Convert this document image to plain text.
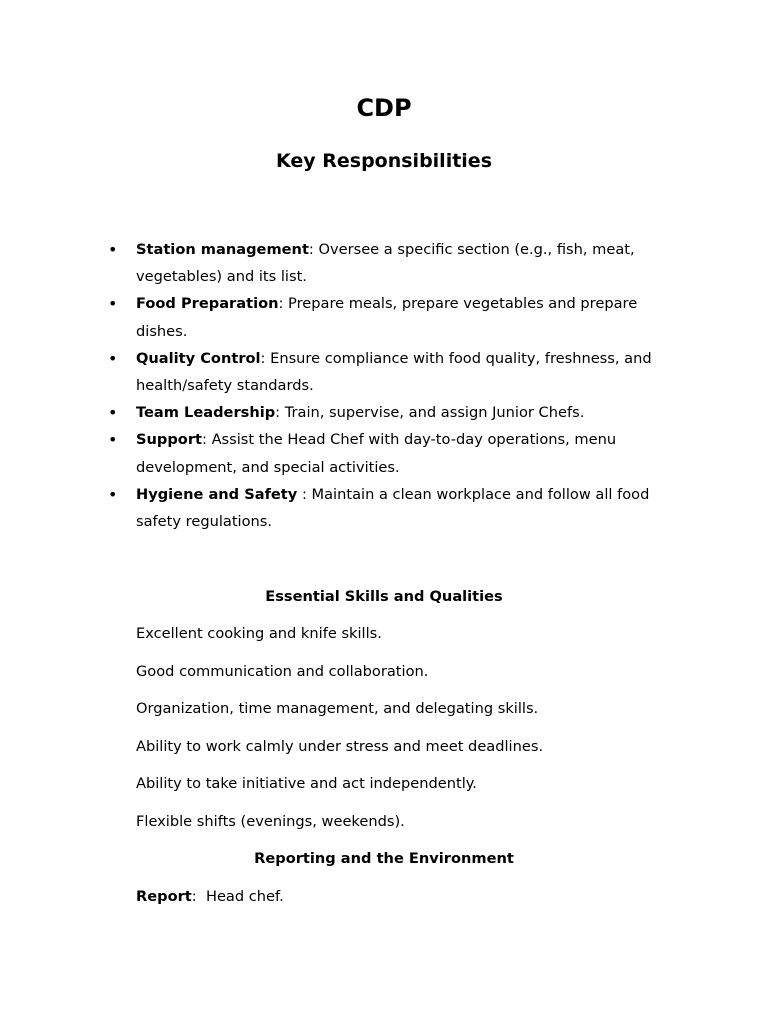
CDP
Key Responsibilities
• Station management: Oversee a specific section (e.g., fish, meat, vegetables) and its list.
• Food Preparation: Prepare meals, prepare vegetables and prepare dishes.
• Quality Control: Ensure compliance with food quality, freshness, and health/safety standards.
• Team Leadership: Train, supervise, and assign Junior Chefs.
• Support: Assist the Head Chef with day-to-day operations, menu development, and special activities.
• Hygiene and Safety : Maintain a clean workplace and follow all food safety regulations.
Essential Skills and Qualities
Excellent cooking and knife skills.
Good communication and collaboration.
Organization, time management, and delegating skills.
Ability to work calmly under stress and meet deadlines.
Ability to take initiative and act independently.
Flexible shifts (evenings, weekends).
Reporting and the Environment
Report:  Head chef.
